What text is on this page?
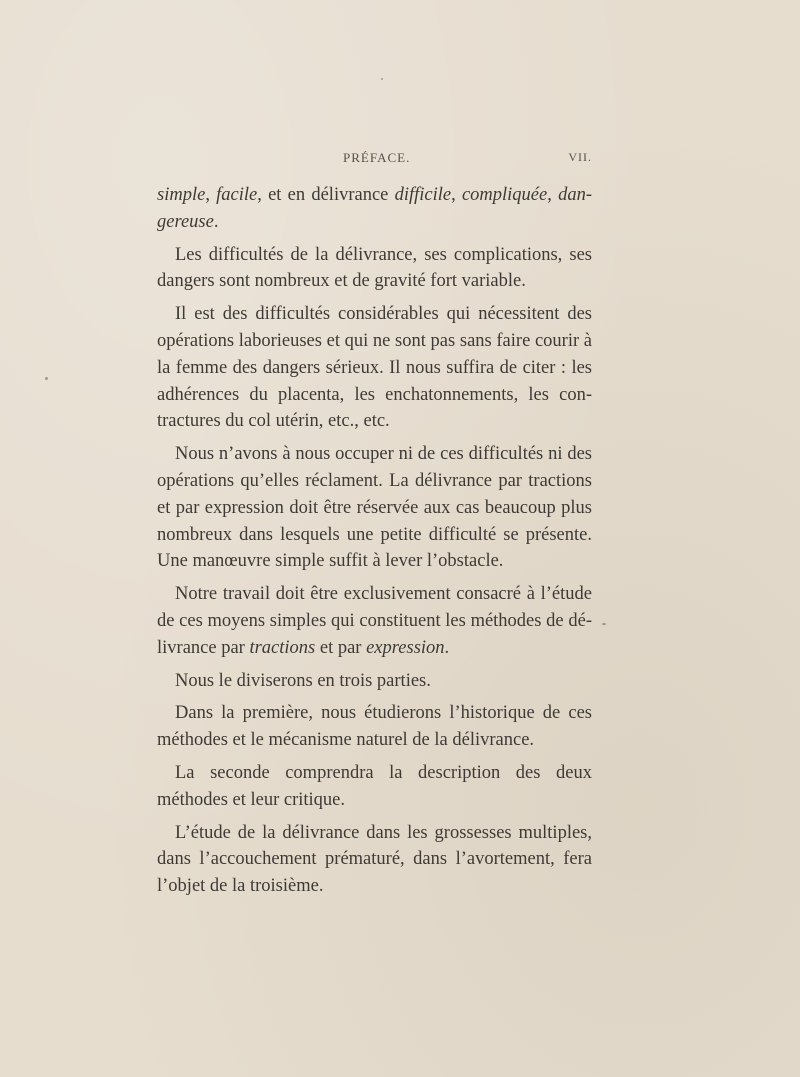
PRÉFACE.	VII.

simple, facile, et en délivrance difficile, compliquée, dan-gereuse.

Les difficultés de la délivrance, ses complications, ses dangers sont nombreux et de gravité fort variable.

Il est des difficultés considérables qui nécessitent des opérations laborieuses et qui ne sont pas sans faire courir à la femme des dangers sérieux. Il nous suffira de citer : les adhérences du placenta, les enchatonnements, les con-tractures du col utérin, etc., etc.

Nous n’avons à nous occuper ni de ces difficultés ni des opérations qu’elles réclament. La délivrance par tractions et par expression doit être réservée aux cas beaucoup plus nombreux dans lesquels une petite difficulté se présente. Une manœuvre simple suffit à lever l’obstacle.

Notre travail doit être exclusivement consacré à l’étude de ces moyens simples qui constituent les méthodes de dé-livrance par tractions et par expression.

Nous le diviserons en trois parties.

Dans la première, nous étudierons l’historique de ces méthodes et le mécanisme naturel de la délivrance.

La seconde comprendra la description des deux méthodes et leur critique.

L’étude de la délivrance dans les grossesses multiples, dans l’accouchement prématuré, dans l’avortement, fera l’objet de la troisième.
